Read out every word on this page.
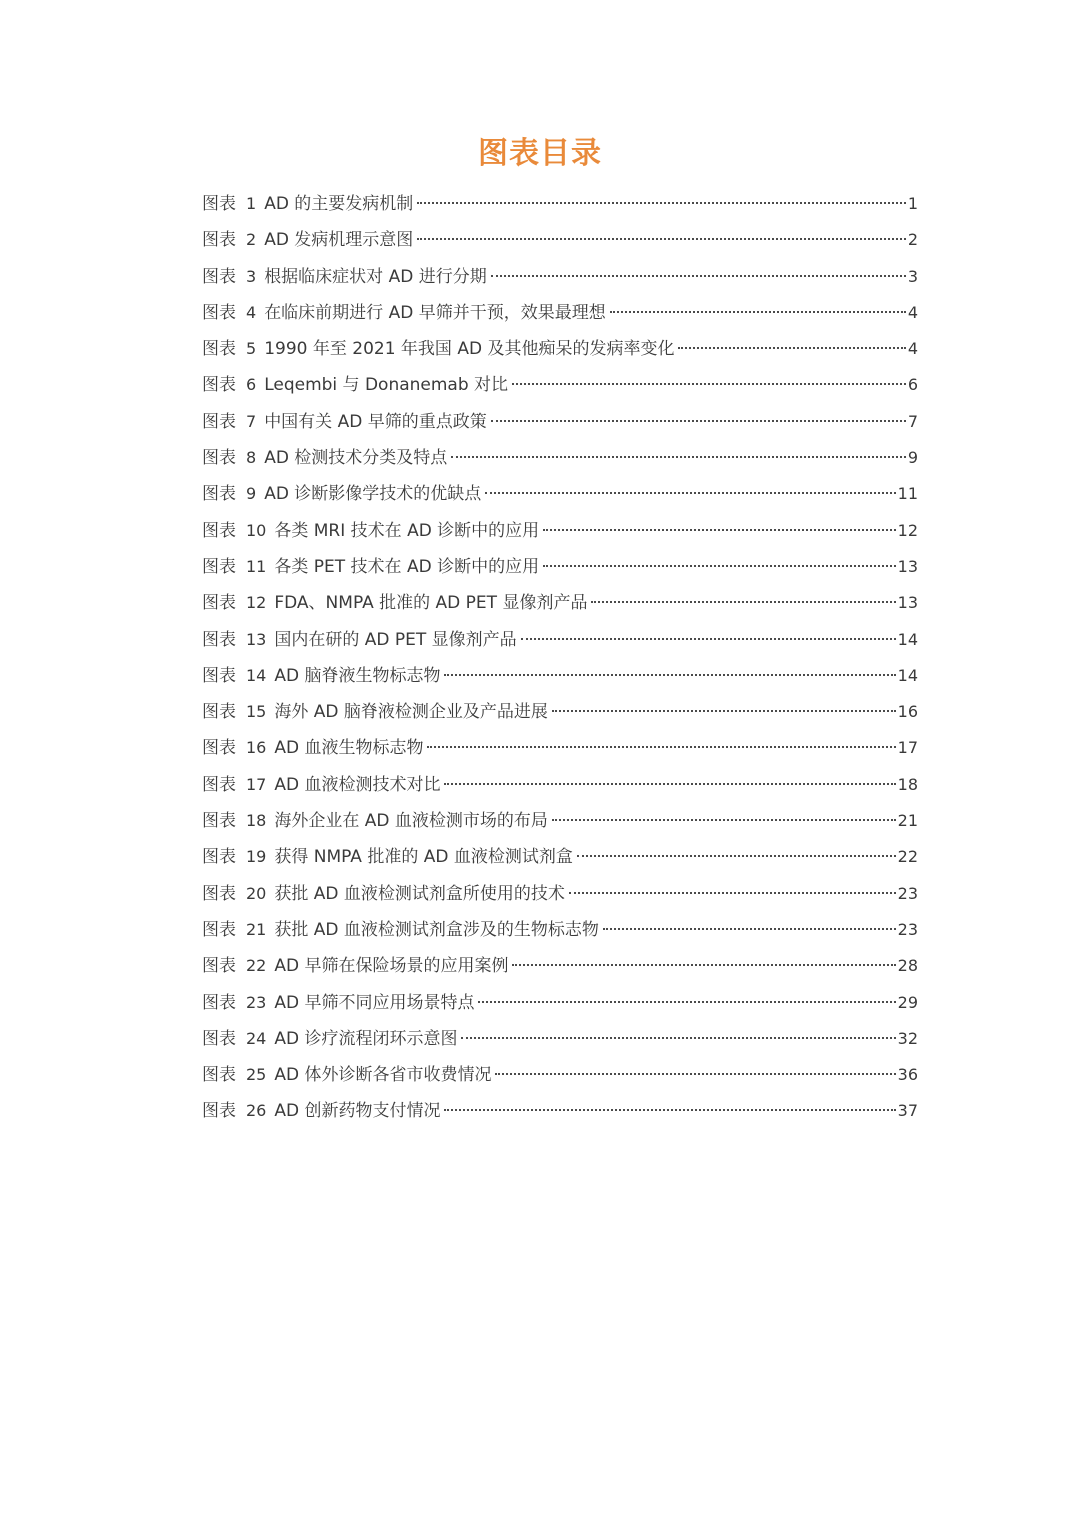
图表目录
图表 1 AD 的主要发病机制	1
图表 2 AD 发病机理示意图	2
图表 3 根据临床症状对 AD 进行分期	3
图表 4 在临床前期进行 AD 早筛并干预，效果最理想	4
图表 5 1990 年至 2021 年我国 AD 及其他痴呆的发病率变化	4
图表 6 Leqembi 与 Donanemab 对比	6
图表 7 中国有关 AD 早筛的重点政策	7
图表 8 AD 检测技术分类及特点	9
图表 9 AD 诊断影像学技术的优缺点	11
图表 10 各类 MRI 技术在 AD 诊断中的应用	12
图表 11 各类 PET 技术在 AD 诊断中的应用	13
图表 12 FDA、NMPA 批准的 AD PET 显像剂产品	13
图表 13 国内在研的 AD PET 显像剂产品	14
图表 14 AD 脑脊液生物标志物	14
图表 15 海外 AD 脑脊液检测企业及产品进展	16
图表 16 AD 血液生物标志物	17
图表 17 AD 血液检测技术对比	18
图表 18 海外企业在 AD 血液检测市场的布局	21
图表 19 获得 NMPA 批准的 AD 血液检测试剂盒	22
图表 20 获批 AD 血液检测试剂盒所使用的技术	23
图表 21 获批 AD 血液检测试剂盒涉及的生物标志物	23
图表 22 AD 早筛在保险场景的应用案例	28
图表 23 AD 早筛不同应用场景特点	29
图表 24 AD 诊疗流程闭环示意图	32
图表 25 AD 体外诊断各省市收费情况	36
图表 26 AD 创新药物支付情况	37
